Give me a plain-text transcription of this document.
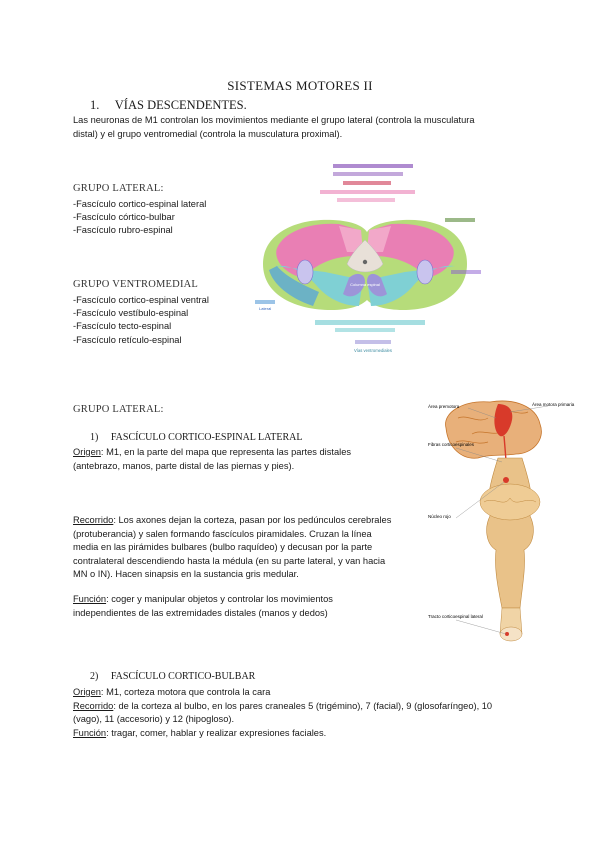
SISTEMAS MOTORES II
1. VÍAS DESCENDENTES.
Las neuronas de M1 controlan los movimientos mediante el grupo lateral (controla la musculatura
distal) y el grupo ventromedial (controla la musculatura proximal).
GRUPO LATERAL:
-Fascículo cortico-espinal lateral
-Fascículo córtico-bulbar
-Fascículo rubro-espinal
GRUPO VENTROMEDIAL
-Fascículo cortico-espinal ventral
-Fascículo vestíbulo-espinal
-Fascículo tecto-espinal
-Fascículo retículo-espinal
Columna espinal
Lateral
Vías ventromediales
Área premotora	Área motora primaria
Fibras corticoespinales
Núcleo rojo
Tracto corticoespinal lateral
GRUPO LATERAL:
1) FASCÍCULO CORTICO-ESPINAL LATERAL
Origen: M1, en la parte del mapa que representa las partes distales
(antebrazo, manos, parte distal de las piernas y pies).
Recorrido: Los axones dejan la corteza, pasan por los pedúnculos cerebrales
(protuberancia) y salen formando fascículos piramidales. Cruzan la línea
media en las pirámides bulbares (bulbo raquídeo) y decusan por la parte
contralateral descendiendo hasta la médula (en su parte lateral, y van hacia
MN o IN). Hacen sinapsis en la sustancia gris medular.
Función: coger y manipular objetos y controlar los movimientos
independientes de las extremidades distales (manos y dedos)
2) FASCÍCULO CORTICO-BULBAR
Origen: M1, corteza motora que controla la cara
Recorrido: de la corteza al bulbo, en los pares craneales 5 (trigémino), 7 (facial), 9 (glosofaríngeo), 10
(vago), 11 (accesorio) y 12 (hipogloso).
Función: tragar, comer, hablar y realizar expresiones faciales.
